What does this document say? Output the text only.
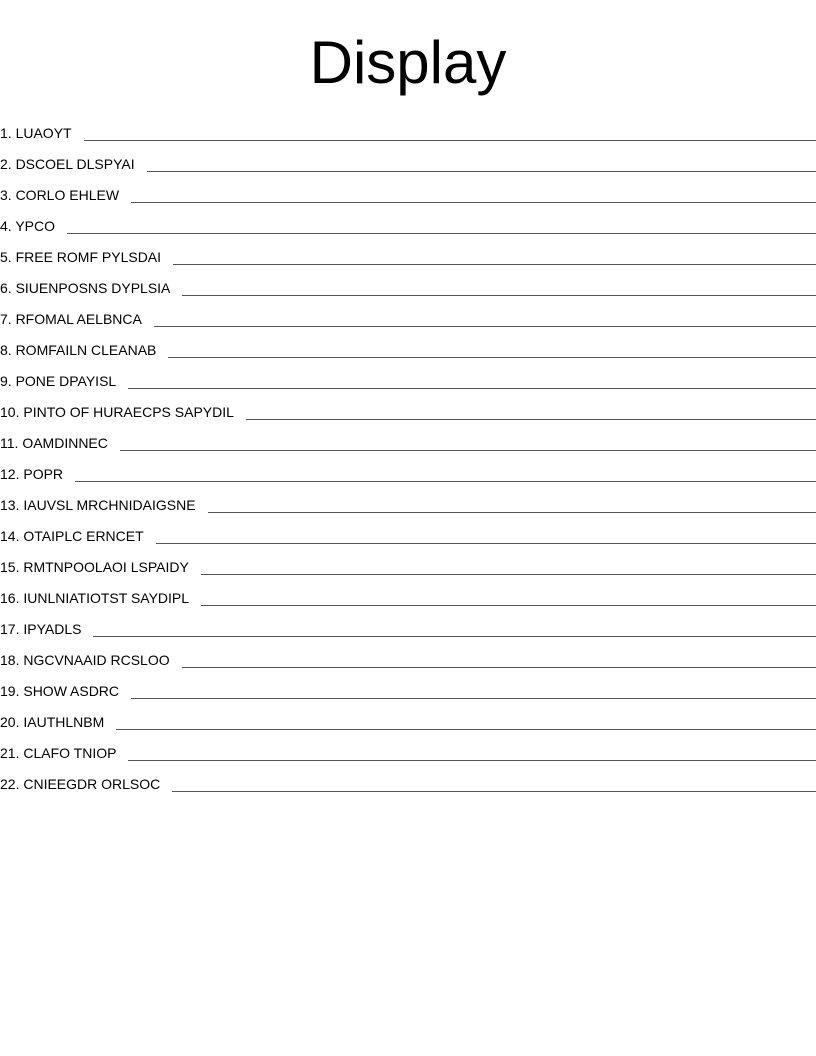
Display
1. LUAOYT
2. DSCOEL DLSPYAI
3. CORLO EHLEW
4. YPCO
5. FREE ROMF PYLSDAI
6. SIUENPOSNS DYPLSIA
7. RFOMAL AELBNCA
8. ROMFAILN CLEANAB
9. PONE DPAYISL
10. PINTO OF HURAECPS SAPYDIL
11. OAMDINNEC
12. POPR
13. IAUVSL MRCHNIDAIGSNE
14. OTAIPLC ERNCET
15. RMTNPOOLAOI LSPAIDY
16. IUNLNIATIOTST SAYDIPL
17. IPYADLS
18. NGCVNAAID RCSLOO
19. SHOW ASDRC
20. IAUTHLNBM
21. CLAFO TNIOP
22. CNIEEGDR ORLSOC
